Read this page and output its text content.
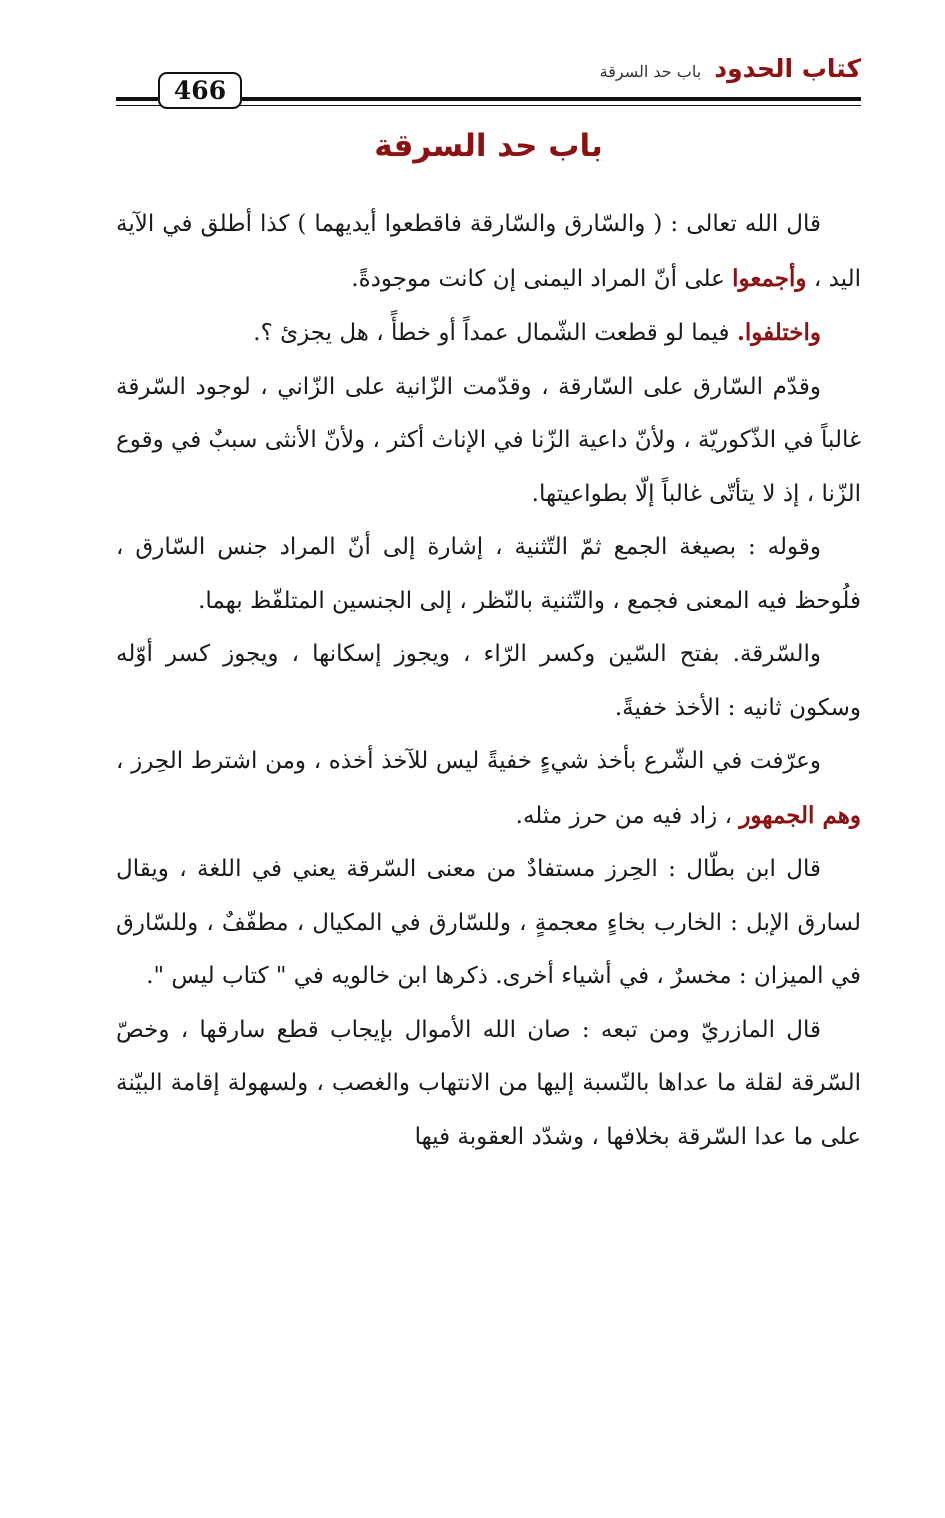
كتاب الحدود باب حد السرقة
466
باب حد السرقة

قال الله تعالى : ( والسّارق والسّارقة فاقطعوا أيديهما ) كذا أطلق في الآية اليد ، وأجمعوا على أنّ المراد اليمنى إن كانت موجودةً.

واختلفوا. فيما لو قطعت الشّمال عمداً أو خطأً ، هل يجزئ ؟.

وقدّم السّارق على السّارقة ، وقدّمت الزّانية على الزّاني ، لوجود السّرقة غالباً في الذّكوريّة ، ولأنّ داعية الزّنا في الإناث أكثر ، ولأنّ الأنثى سببٌ في وقوع الزّنا ، إذ لا يتأتّى غالباً إلّا بطواعيتها.

وقوله : بصيغة الجمع ثمّ التّثنية ، إشارة إلى أنّ المراد جنس السّارق ، فلُوحظ فيه المعنى فجمع ، والتّثنية بالنّظر ، إلى الجنسين المتلفّظ بهما.

والسّرقة. بفتح السّين وكسر الرّاء ، ويجوز إسكانها ، ويجوز كسر أوّله وسكون ثانيه : الأخذ خفيةً.

وعرّفت في الشّرع بأخذ شيءٍ خفيةً ليس للآخذ أخذه ، ومن اشترط الحِرز ، وهم الجمهور ، زاد فيه من حرز مثله.

قال ابن بطّال : الحِرز مستفادٌ من معنى السّرقة يعني في اللغة ، ويقال لسارق الإبل : الخارب بخاءٍ معجمةٍ ، وللسّارق في المكيال ، مطفّفٌ ، وللسّارق في الميزان : مخسرٌ ، في أشياء أخرى. ذكرها ابن خالويه في " كتاب ليس ".

قال المازريّ ومن تبعه : صان الله الأموال بإيجاب قطع سارقها ، وخصّ السّرقة لقلة ما عداها بالنّسبة إليها من الانتهاب والغصب ، ولسهولة إقامة البيّنة على ما عدا السّرقة بخلافها ، وشدّد العقوبة فيها
